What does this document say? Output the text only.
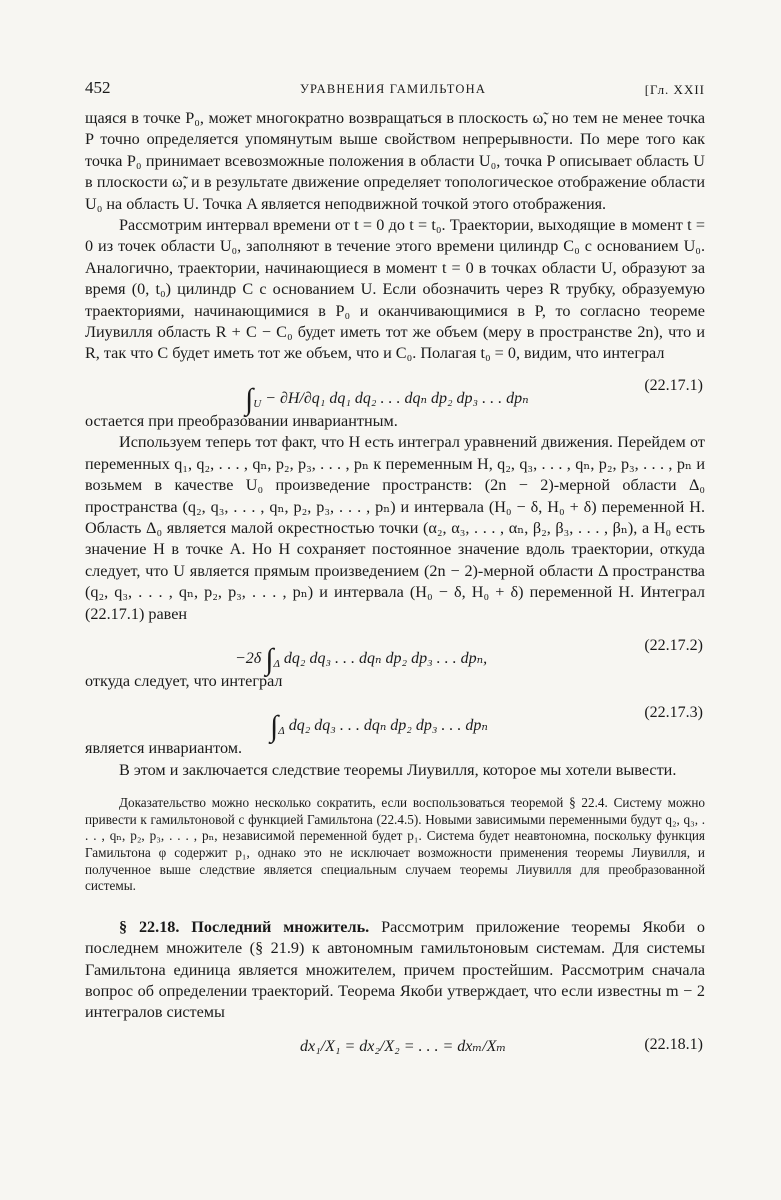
452	УРАВНЕНИЯ ГАМИЛЬТОНА	[Гл. XXII

щаяся в точке P₀, может многократно возвращаться в плоскость ω̃, но тем не менее точка P точно определяется упомянутым выше свойством непрерывности. По мере того как точка P₀ принимает всевозможные положения в области U₀, точка P описывает область U в плоскости ω̃, и в результате движение определяет топологическое отображение области U₀ на область U. Точка A является неподвижной точкой этого отображения.

Рассмотрим интервал времени от t = 0 до t = t₀. Траектории, выходящие в момент t = 0 из точек области U₀, заполняют в течение этого времени цилиндр C₀ с основанием U₀. Аналогично, траектории, начинающиеся в момент t = 0 в точках области U, образуют за время (0, t₀) цилиндр C с основанием U. Если обозначить через R трубку, образуемую траекториями, начинающимися в P₀ и оканчивающимися в P, то согласно теореме Лиувилля область R + C − C₀ будет иметь тот же объем (меру в пространстве 2n), что и R, так что C будет иметь тот же объем, что и C₀. Полагая t₀ = 0, видим, что интеграл

$\int_U - \partial H/\partial q_1$ dq₁ dq₂ . . . dqₙ dp₂ dp₃ . . . dpₙ
(22.17.1)

остается при преобразовании инвариантным.

Используем теперь тот факт, что H есть интеграл уравнений движения. Перейдем от переменных q₁, q₂, . . . , qₙ, p₂, p₃, . . . , pₙ к переменным H, q₂, q₃, . . . , qₙ, p₂, p₃, . . . , pₙ и возьмем в качестве U₀ произведение пространств: (2n − 2)-мерной области Δ₀ пространства (q₂, q₃, . . . , qₙ, p₂, p₃, . . . , pₙ) и интервала (H₀ − δ, H₀ + δ) переменной H. Область Δ₀ является малой окрестностью точки (α₂, α₃, . . . , αₙ, β₂, β₃, . . . , βₙ), а H₀ есть значение H в точке A. Но H сохраняет постоянное значение вдоль траектории, откуда следует, что U является прямым произведением (2n − 2)-мерной области Δ пространства (q₂, q₃, . . . , qₙ, p₂, p₃, . . . , pₙ) и интервала (H₀ − δ, H₀ + δ) переменной H. Интеграл (22.17.1) равен

−2δ $\int_\Delta$ dq₂ dq₃ . . . dqₙ dp₂ dp₃ . . . dpₙ,
(22.17.2)

откуда следует, что интеграл

$\int_\Delta$ dq₂ dq₃ . . . dqₙ dp₂ dp₃ . . . dpₙ
(22.17.3)

является инвариантом.

В этом и заключается следствие теоремы Лиувилля, которое мы хотели вывести.

Доказательство можно несколько сократить, если воспользоваться теоремой § 22.4. Систему можно привести к гамильтоновой с функцией Гамильтона (22.4.5). Новыми зависимыми переменными будут q₂, q₃, . . . , qₙ, p₂, p₃, . . . , pₙ, независимой переменной будет p₁. Система будет неавтономна, поскольку функция Гамильтона φ содержит p₁, однако это не исключает возможности применения теоремы Лиувилля, и полученное выше следствие является специальным случаем теоремы Лиувилля для преобразованной системы.

§ 22.18. Последний множитель. Рассмотрим приложение теоремы Якоби о последнем множителе (§ 21.9) к автономным гамильтоновым системам. Для системы Гамильтона единица является множителем, причем простейшим. Рассмотрим сначала вопрос об определении траекторий. Теорема Якоби утверждает, что если известны m − 2 интегралов системы

dx₁/X₁ = dx₂/X₂ = . . . = dxₘ/Xₘ	(22.18.1)
